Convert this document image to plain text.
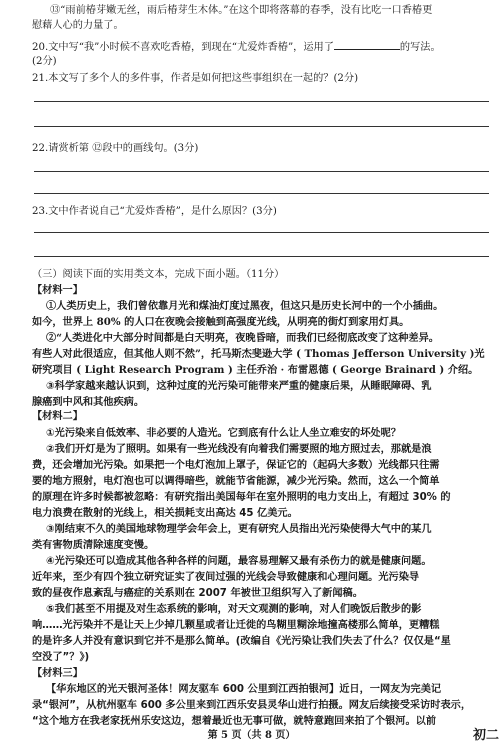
⑬“雨前椿芽嫩无丝，雨后椿芽生木体。”在这个即将落幕的春季，没有比吃一口香椿更
慰藉人心的力量了。
20.文中写“我”小时候不喜欢吃香椿，到现在“尤爱炸香椿”，运用了	的写法。
(2分)
21.本文写了多个人的多件事，作者是如何把这些事组织在一起的？(2分)
22.请赏析第 ⑫段中的画线句。(3分)
23.文中作者说自己“尤爱炸香椿”，是什么原因？(3分)
（三）阅读下面的实用类文本，完成下面小题。（11分）
【材料一】
①人类历史上，我们曾依靠月光和煤油灯度过黑夜，但这只是历史长河中的一个小插曲。
如今，世界上 80% 的人口在夜晚会接触到高强度光线，从明亮的街灯到家用灯具。
②“人类进化中大部分时间都是白天明亮，夜晚昏暗，而我们已经彻底改变了这种差异。
有些人对此很适应，但其他人则不然”，托马斯杰斐逊大学 ( Thomas Jefferson University )光
研究项目 ( Light Research Program ) 主任乔治 · 布雷恩德 ( George Brainard ) 介绍。
③科学家越来越认识到，这种过度的光污染可能带来严重的健康后果，从睡眠障碍、乳
腺癌到中风和其他疾病。
【材料二】
①光污染来自低效率、非必要的人造光。它到底有什么让人坐立难安的坏处呢？
②我们开灯是为了照明。如果有一些光线没有向着我们需要照的地方照过去，那就是浪
费，还会增加光污染。如果把一个电灯泡加上罩子，保证它的（起码大多数）光线都只往需
要的地方照射，电灯泡也可以调得暗些，就能节省能源，减少光污染。然而，这么一个简单
的原理在许多时候都被忽略：有研究指出美国每年在室外照明的电力支出上，有超过 30% 的
电力浪费在散射的光线上，相关损耗支出高达 45 亿美元。
③刚结束不久的美国地球物理学会年会上，更有研究人员指出光污染使得大气中的某几
类有害物质清除速度变慢。
④光污染还可以造成其他各种各样的问题，最容易理解又最有杀伤力的就是健康问题。
近年来，至少有四个独立研究证实了夜间过强的光线会导致健康和心理问题。光污染导
致的昼夜作息紊乱与癌症的关系则在 2007 年被世卫组织写入了新闻稿。
⑤我们甚至不用提及对生态系统的影响，对天文观测的影响，对人们晚饭后散步的影
响……光污染并不是让天上少掉几颗星或者让迁徙的鸟糊里糊涂地撞高楼那么简单，更糟糕
的是许多人并没有意识到它并不是那么简单。(改编自《光污染让我们失去了什么？仅仅是“星
空没了”？》)
【材料三】
【华东地区的光天银河圣体！网友驱车 600 公里到江西拍银河】近日，一网友为完美记
录“银河”，从杭州驱车 600 多公里来到江西乐安县灵华山进行拍摄。网友后续接受采访时表示，
“这个地方在我老家抚州乐安这边，想着最近也无事可做，就特意跑回来拍了个银河。以前
第 5 页（共 8 页）	初二
